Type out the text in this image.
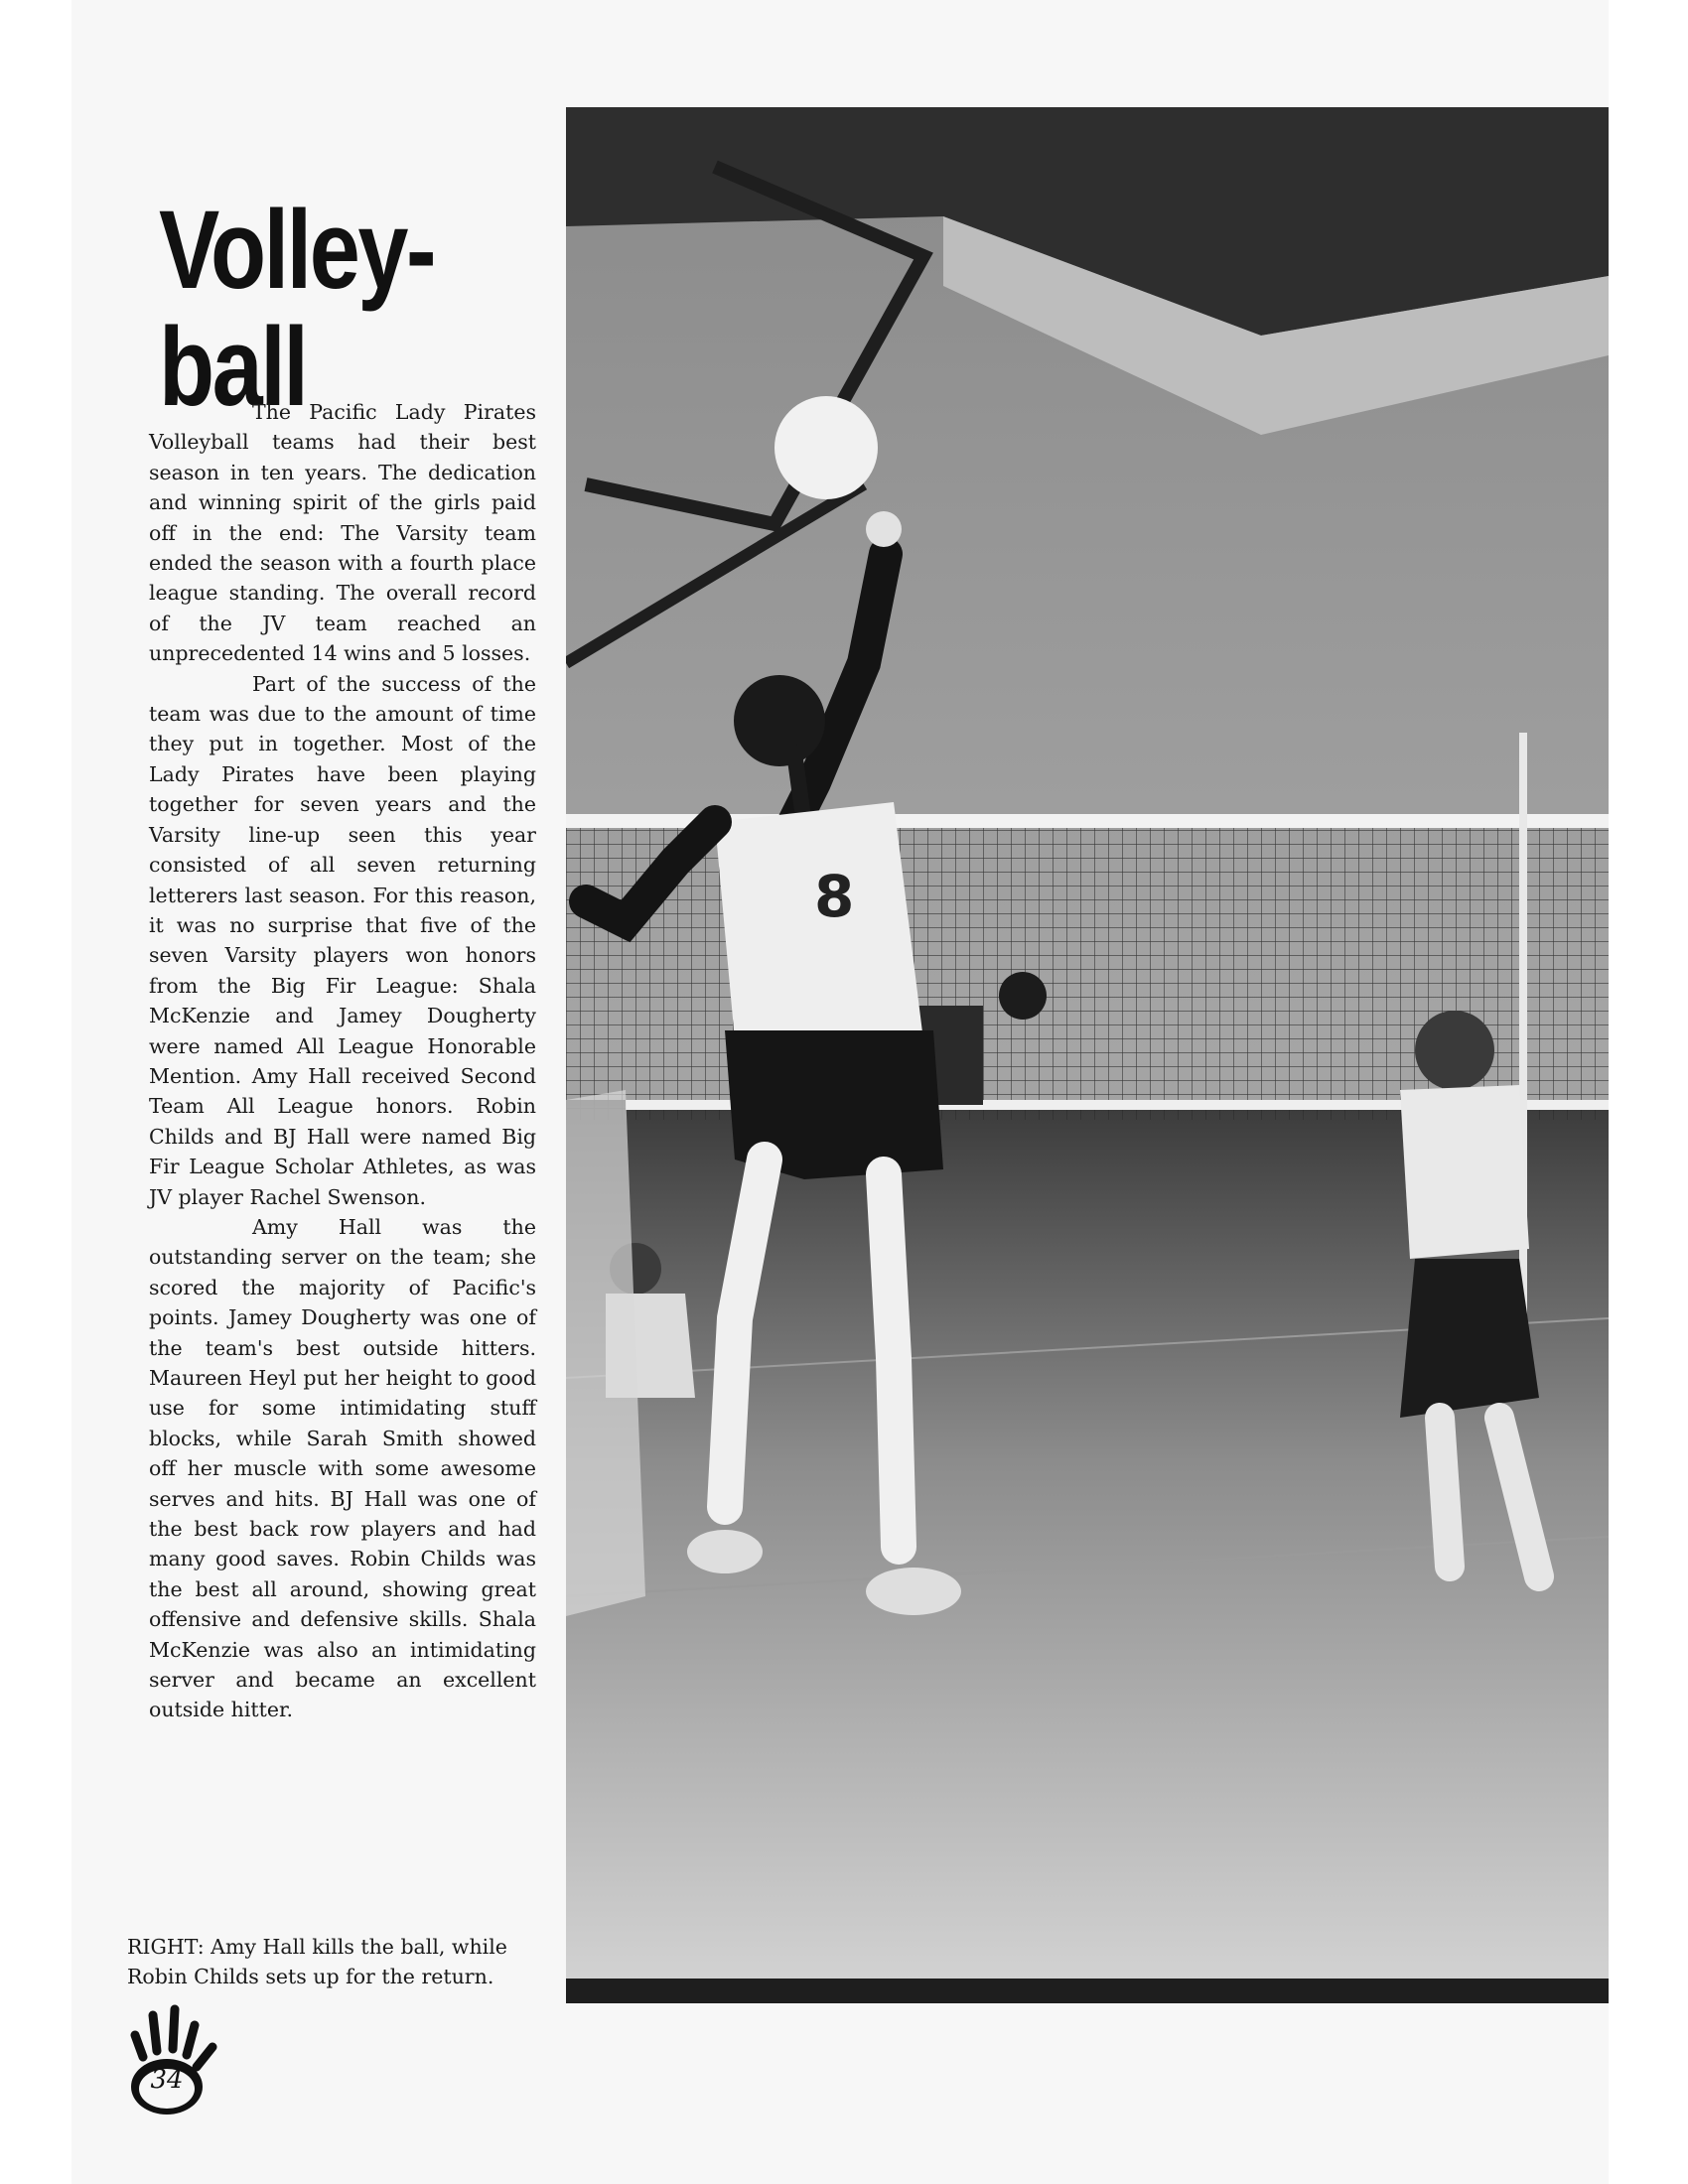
Volley-
ball

The Pacific Lady Pirates Volleyball teams had their best season in ten years. The dedication and winning spirit of the girls paid off in the end: The Varsity team ended the season with a fourth place league standing. The overall record of the JV team reached an unprecedented 14 wins and 5 losses.

Part of the success of the team was due to the amount of time they put in together. Most of the Lady Pirates have been playing together for seven years and the Varsity line-up seen this year consisted of all seven returning letterers last season. For this reason, it was no surprise that five of the seven Varsity players won honors from the Big Fir League: Shala McKenzie and Jamey Dougherty were named All League Honorable Mention. Amy Hall received Second Team All League honors. Robin Childs and BJ Hall were named Big Fir League Scholar Athletes, as was JV player Rachel Swenson.

Amy Hall was the outstanding server on the team; she scored the majority of Pacific's points. Jamey Dougherty was one of the team's best outside hitters. Maureen Heyl put her height to good use for some intimidating stuff blocks, while Sarah Smith showed off her muscle with some awesome serves and hits. BJ Hall was one of the best back row players and had many good saves. Robin Childs was the best all around, showing great offensive and defensive skills. Shala McKenzie was also an intimidating server and became an excellent outside hitter.

RIGHT: Amy Hall kills the ball, while
Robin Childs sets up for the return.
8
34
